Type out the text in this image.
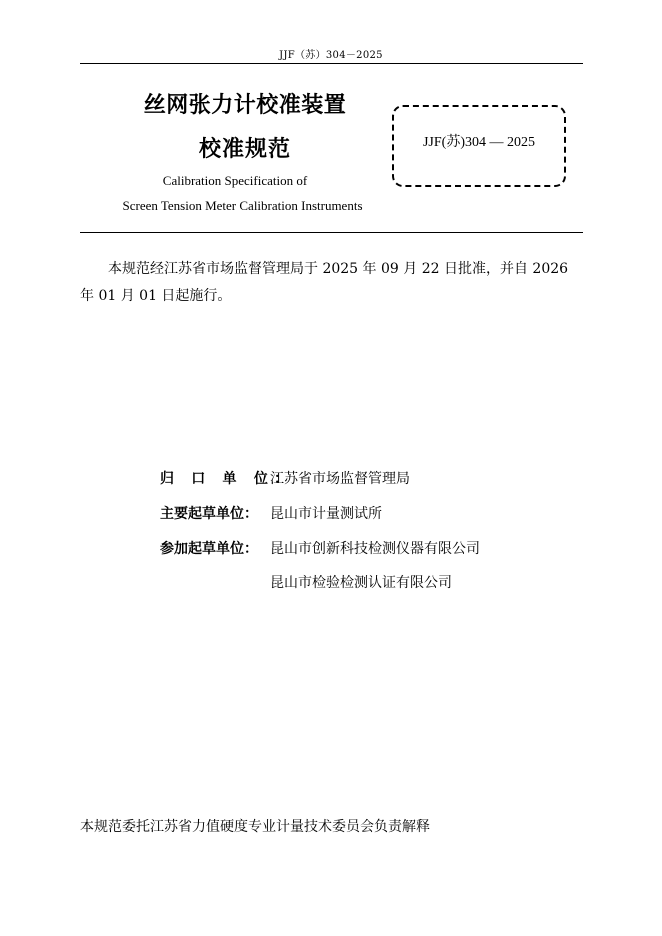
JJF（苏）304－2025
丝网张力计校准装置
校准规范
Calibration Specification of
Screen Tension Meter Calibration Instruments
JJF(苏)304 — 2025
本规范经江苏省市场监督管理局于 2025 年 09 月 22 日批准，并自 2026 年 01 月 01 日起施行。
归 口 单 位：
江苏省市场监督管理局
主要起草单位： 昆山市计量测试所
参加起草单位： 昆山市创新科技检测仪器有限公司
昆山市检验检测认证有限公司
本规范委托江苏省力值硬度专业计量技术委员会负责解释
